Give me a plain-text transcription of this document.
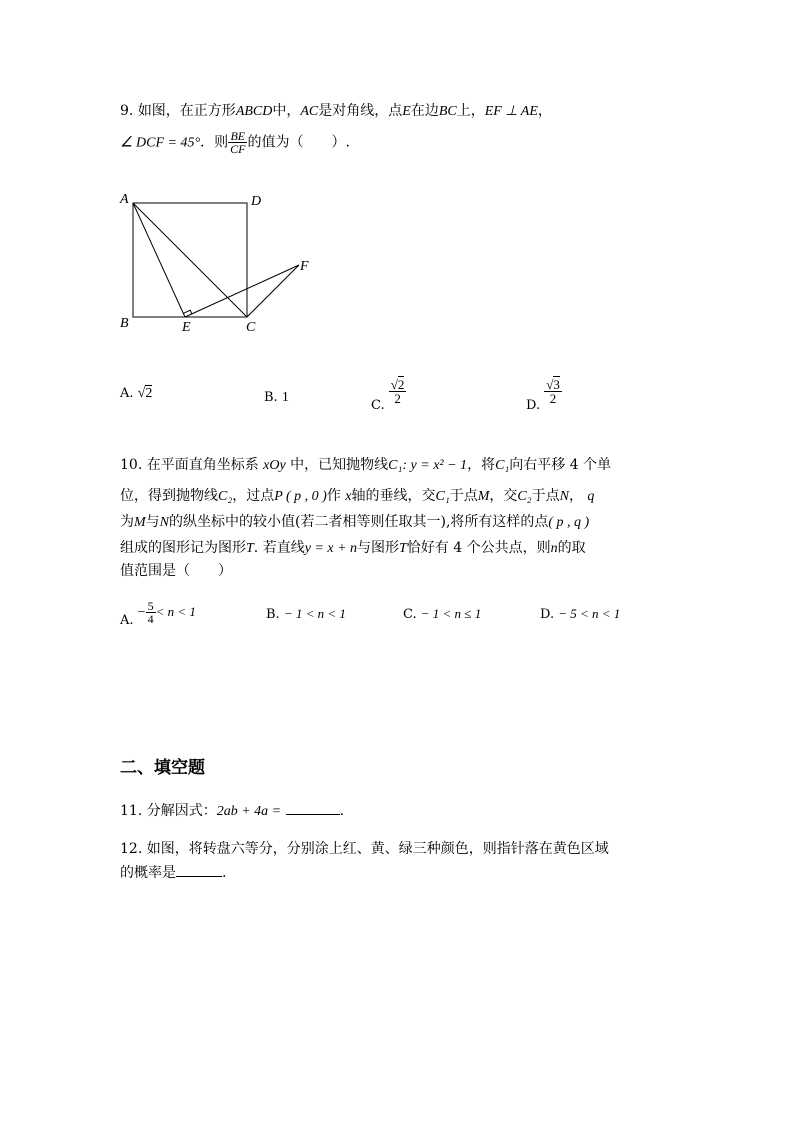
9. 如图，在正方形ABCD中，AC是对角线，点E在边BC上，EF ⊥ AE，
∠ DCF = 45°．则 $\frac{BE}{CF}$ 的值为（　　）.
A
B	C
D
E
F
A. √2	B. 1
C.
$\frac{√2}{2}$
D.
$\frac{√3}{2}$
10. 在平面直角坐标系 xOy 中，已知抛物线C₁: y = x² − 1，将C₁向右平移 4 个单
位，得到抛物线C₂，过点P ( p , 0 )作 x轴的垂线，交C₁于点M，交C₂于点N， q
为M与N的纵坐标中的较小值(若二者相等则任取其一),将所有这样的点( p , q )
组成的图形记为图形T. 若直线y = x + n与图形T恰好有 4 个公共点，则n的取
值范围是（　　）
A. − $\frac{5}{4} < n < 1$	B. − 1 < n < 1	C. − 1 < n ≤ 1	D. − 5 < n < 1
二、填空题
11. 分解因式：2ab + 4a =	.
12. 如图，将转盘六等分，分别涂上红、黄、绿三种颜色，则指针落在黄色区域
的概率是	.
